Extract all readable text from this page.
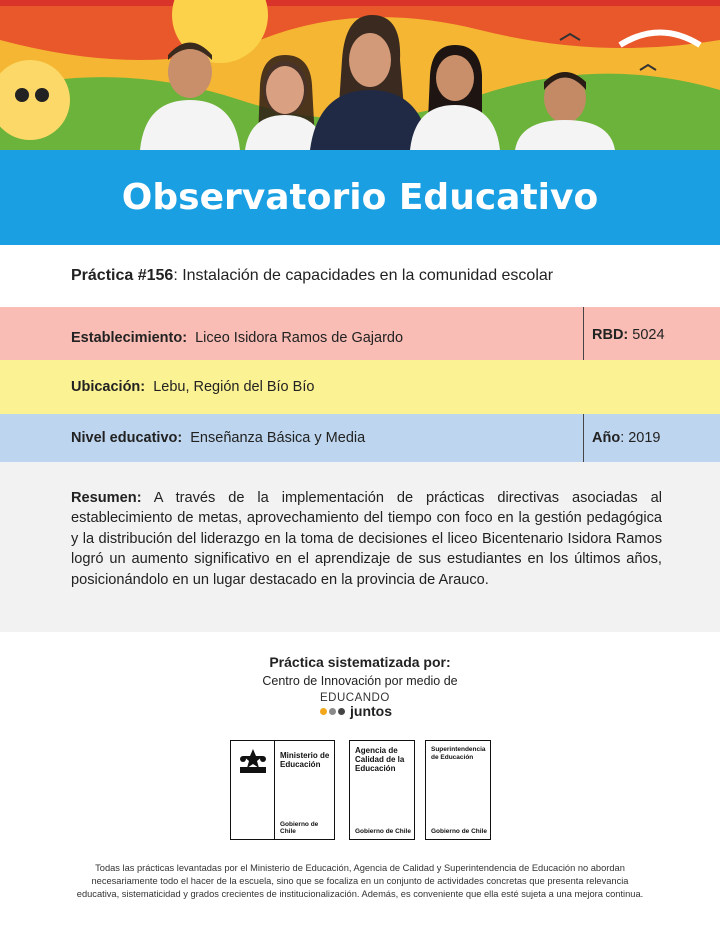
Observatorio Educativo
Práctica #156 : Instalación de capacidades en la comunidad escolar
Establecimiento:
Liceo Isidora Ramos de Gajardo	RBD:
5024
Ubicación:
Lebu, Región del Bío Bío
Nivel educativo:
Enseñanza Básica y Media	Año : 2019
Resumen: A través de la implementación de prácticas directivas asociadas al establecimiento de metas, aprovechamiento del tiempo con foco en la gestión pedagógica y la distribución del liderazgo en la toma de decisiones el liceo Bicentenario Isidora Ramos logró un aumento significativo en el aprendizaje de sus estudiantes en los últimos años, posicionándolo en un lugar destacado en la provincia de Arauco.
Práctica sistematizada por:
Centro de Innovación por medio de
EDUCANDO
juntos
Ministerio de Educación
Gobierno de Chile
Agencia de Calidad de la Educación
Gobierno de Chile
Superintendencia de Educación
Gobierno de Chile
Todas las prácticas levantadas por el Ministerio de Educación, Agencia de Calidad y Superintendencia de Educación no abordan necesariamente todo el hacer de la escuela, sino que se focaliza en un conjunto de actividades concretas que presenta relevancia educativa, sistematicidad y grados crecientes de institucionalización. Además, es conveniente que ella esté sujeta a una mejora continua.
